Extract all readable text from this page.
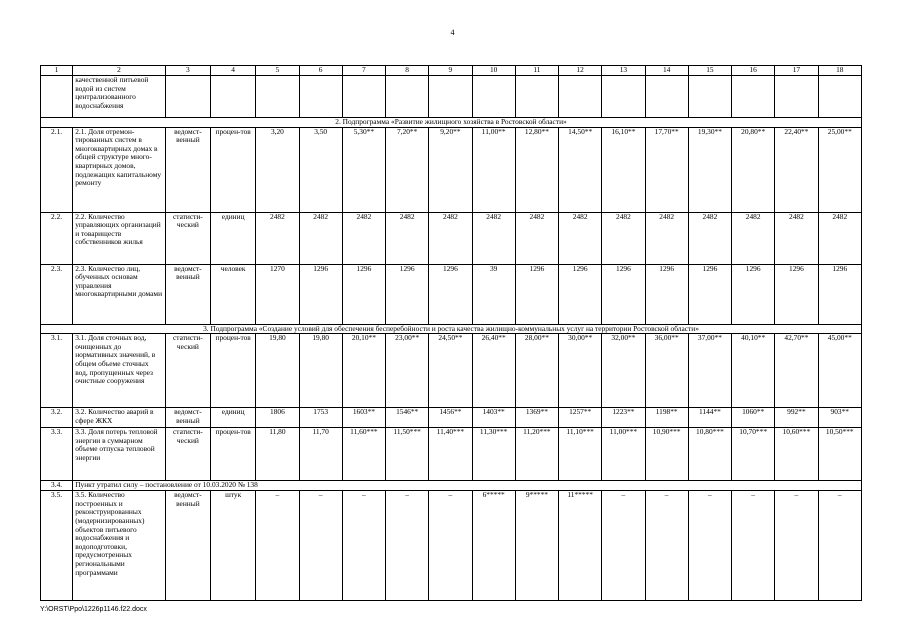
4
1	2	3	4	5	6	7	8	9	10	11	12	13	14	15	16	17	18
	качественной питьевой водой из систем централизованного водоснабжения																
2. Подпрограмма «Развитие жилищного хозяйства в Ростовской области»																	
2.1.	2.1. Доля отремон-тированных систем в многоквартирных домах в общей структуре много-квартирных домов, подлежащих капитальному ремонту	ведомст-венный	процен-тов	3,20	3,50	5,30**	7,20**	9,20**	11,00**	12,80**	14,50**	16,10**	17,70**	19,30**	20,80**	22,40**	25,00**
2.2.	2.2. Количество управляющих организаций и товариществ собственников жилья	статисти-ческий	единиц	2482	2482	2482	2482	2482	2482	2482	2482	2482	2482	2482	2482	2482	2482
2.3.	2.3. Количество лиц, обученных основам управления многоквартирными домами	ведомст-венный	человек	1270	1296	1296	1296	1296	39	1296	1296	1296	1296	1296	1296	1296	1296
3. Подпрограмма «Создание условий для обеспечения бесперебойности и роста качества жилищно-коммунальных услуг на территории Ростовской области»																	
3.1.	3.1. Доля сточных вод, очищенных до нормативных значений, в общем объеме сточных вод, пропущенных через очистные сооружения	статисти-ческий	процен-тов	19,80	19,80	20,10**	23,00**	24,50**	26,40**	28,00**	30,00**	32,00**	36,00**	37,00**	40,10**	42,70**	45,00**
3.2.	3.2. Количество аварий в сфере ЖКХ	ведомст-венный	единиц	1806	1753	1603**	1546**	1456**	1403**	1369**	1257**	1223**	1198**	1144**	1060**	992**	903**
3.3.	3.3. Доля потерь тепловой энергии в суммарном объеме отпуска тепловой энергии	статисти-ческий	процен-тов	11,80	11,70	11,60***	11,50***	11,40***	11,30***	11,20***	11,10***	11,00***	10,90***	10,80***	10,70***	10,60***	10,50***
3.4.	Пункт утратил силу – постановление от 10.03.2020 № 138																
3.5.	3.5. Количество построенных и реконструированных (модернизированных) объектов питьевого водоснабжения и водоподготовки, предусмотренных региональными программами	ведомст-венный	штук	–	–	–	–	–	6*****	9*****	11*****	–	–	–	–	–	–
Y:\ORST\Ppo\1226p1146.f22.docx
